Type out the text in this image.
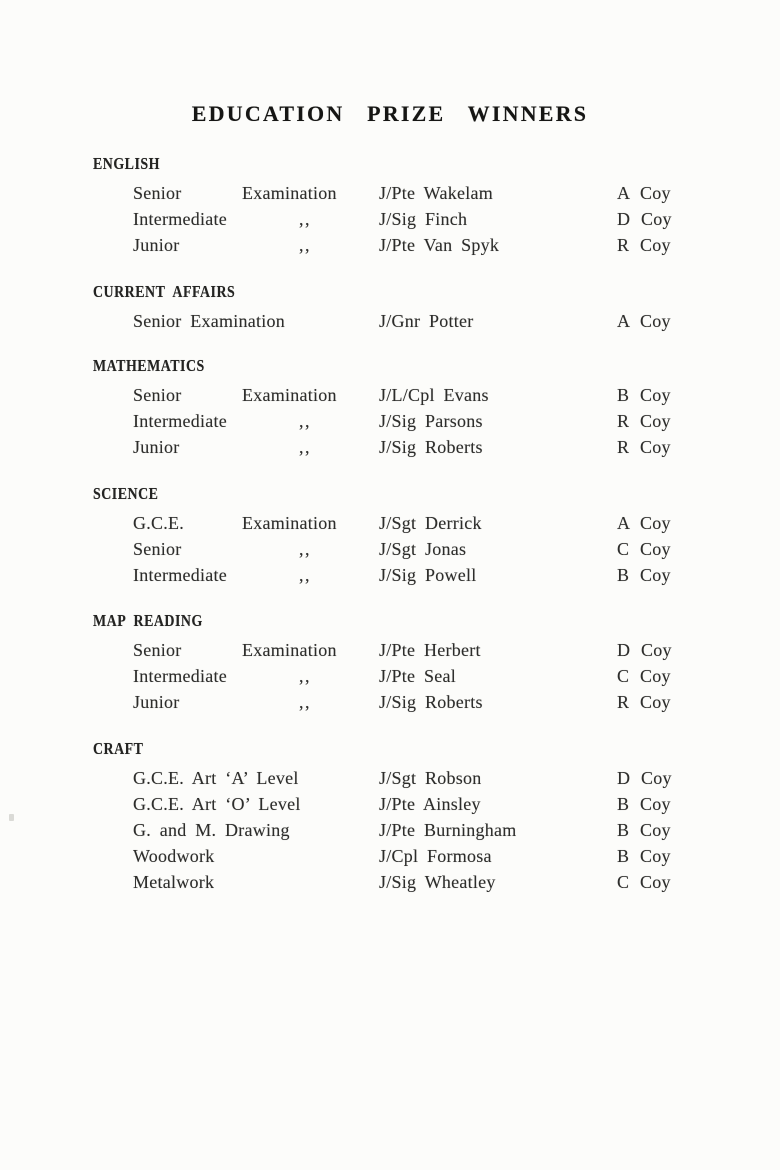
EDUCATION PRIZE WINNERS
ENGLISH
Senior	Examination	J/Pte Wakelam	A Coy
Intermediate	,,	J/Sig Finch	D Coy
Junior	,,	J/Pte Van Spyk	R Coy
CURRENT AFFAIRS
Senior Examination	J/Gnr Potter	A Coy
MATHEMATICS
Senior	Examination	J/L/Cpl Evans	B Coy
Intermediate	,,	J/Sig Parsons	R Coy
Junior	,,	J/Sig Roberts	R Coy
SCIENCE
G.C.E.	Examination	J/Sgt Derrick	A Coy
Senior	,,	J/Sgt Jonas	C Coy
Intermediate	,,	J/Sig Powell	B Coy
MAP READING
Senior	Examination	J/Pte Herbert	D Coy
Intermediate	,,	J/Pte Seal	C Coy
Junior	,,	J/Sig Roberts	R Coy
CRAFT
G.C.E. Art ‘A’ Level	J/Sgt Robson	D Coy
G.C.E. Art ‘O’ Level	J/Pte Ainsley	B Coy
G. and M. Drawing	J/Pte Burningham	B Coy
Woodwork	J/Cpl Formosa	B Coy
Metalwork	J/Sig Wheatley	C Coy
